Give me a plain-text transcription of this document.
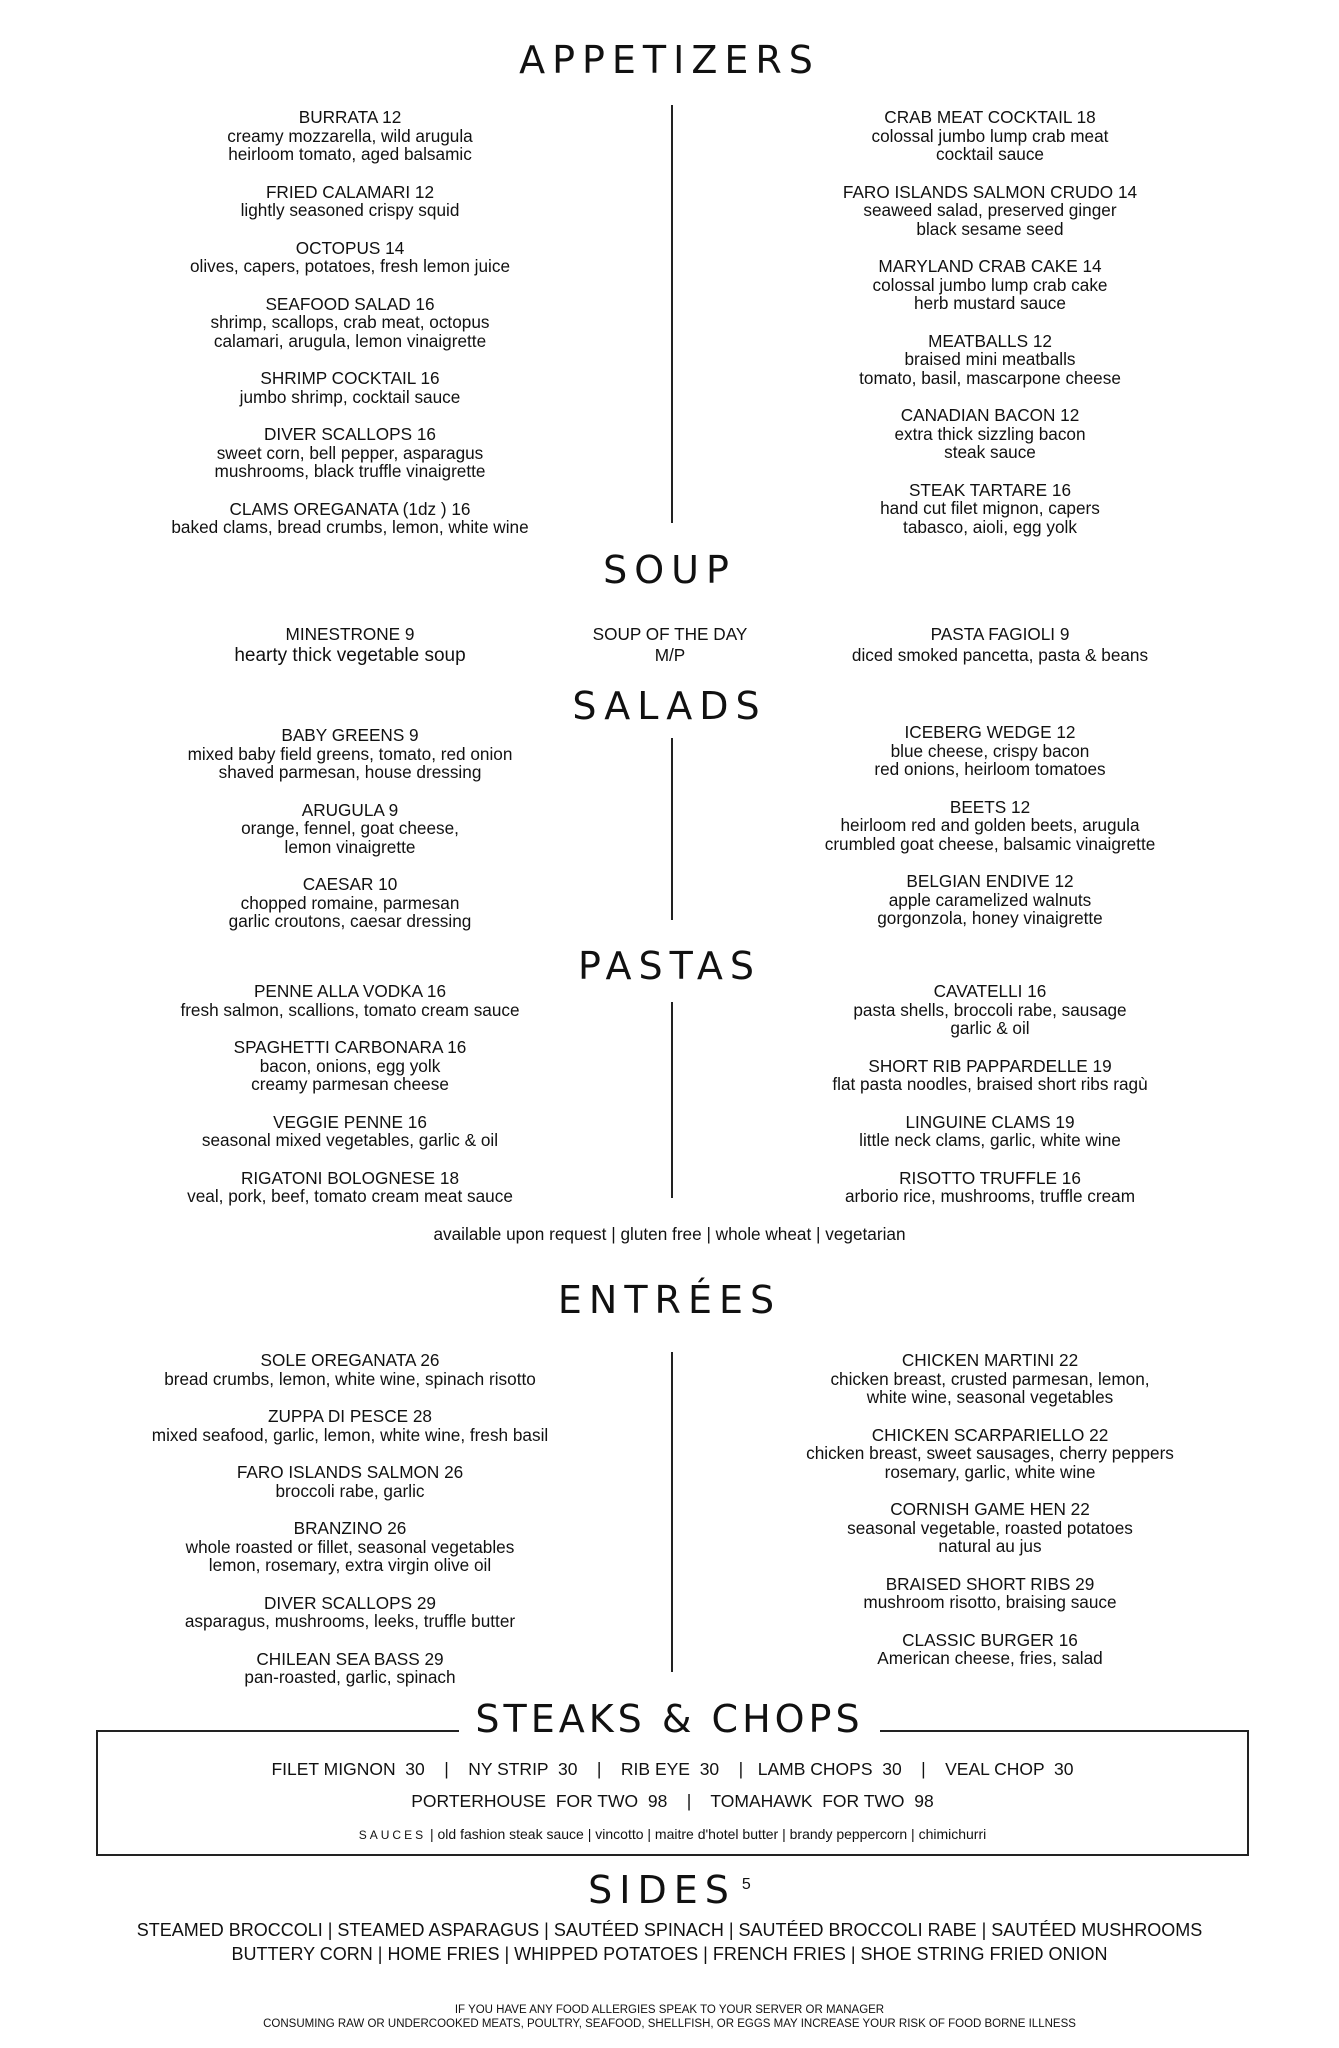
APPETIZERS
BURRATA 12
creamy mozzarella, wild arugula
heirloom tomato, aged balsamic
FRIED CALAMARI 12
lightly seasoned crispy squid
OCTOPUS 14
olives, capers, potatoes, fresh lemon juice
SEAFOOD SALAD 16
shrimp, scallops, crab meat, octopus
calamari, arugula, lemon vinaigrette
SHRIMP COCKTAIL 16
jumbo shrimp, cocktail sauce
DIVER SCALLOPS 16
sweet corn, bell pepper, asparagus
mushrooms, black truffle vinaigrette
CLAMS OREGANATA (1dz ) 16
baked clams, bread crumbs, lemon, white wine
CRAB MEAT COCKTAIL 18
colossal jumbo lump crab meat
cocktail sauce
FARO ISLANDS SALMON CRUDO 14
seaweed salad, preserved ginger
black sesame seed
MARYLAND CRAB CAKE 14
colossal jumbo lump crab cake
herb mustard sauce
MEATBALLS 12
braised mini meatballs
tomato, basil, mascarpone cheese
CANADIAN BACON 12
extra thick sizzling bacon
steak sauce
STEAK TARTARE 16
hand cut filet mignon, capers
tabasco, aioli, egg yolk
SOUP
MINESTRONE 9
hearty thick vegetable soup
SOUP OF THE DAY
M/P
PASTA FAGIOLI 9
diced smoked pancetta, pasta & beans
SALADS
BABY GREENS 9
mixed baby field greens, tomato, red onion
shaved parmesan, house dressing
ARUGULA 9
orange, fennel, goat cheese,
lemon vinaigrette
CAESAR 10
chopped romaine, parmesan
garlic croutons, caesar dressing
ICEBERG WEDGE 12
blue cheese, crispy bacon
red onions, heirloom tomatoes
BEETS 12
heirloom red and golden beets, arugula
crumbled goat cheese, balsamic vinaigrette
BELGIAN ENDIVE 12
apple caramelized walnuts
gorgonzola, honey vinaigrette
PASTAS
PENNE ALLA VODKA 16
fresh salmon, scallions, tomato cream sauce
SPAGHETTI CARBONARA 16
bacon, onions, egg yolk
creamy parmesan cheese
VEGGIE PENNE 16
seasonal mixed vegetables, garlic & oil
RIGATONI BOLOGNESE 18
veal, pork, beef, tomato cream meat sauce
CAVATELLI 16
pasta shells, broccoli rabe, sausage
garlic & oil
SHORT RIB PAPPARDELLE 19
flat pasta noodles, braised short ribs ragù
LINGUINE CLAMS 19
little neck clams, garlic, white wine
RISOTTO TRUFFLE 16
arborio rice, mushrooms, truffle cream
available upon request | gluten free | whole wheat | vegetarian
ENTRÉES
SOLE OREGANATA 26
bread crumbs, lemon, white wine, spinach risotto
ZUPPA DI PESCE 28
mixed seafood, garlic, lemon, white wine, fresh basil
FARO ISLANDS SALMON 26
broccoli rabe, garlic
BRANZINO 26
whole roasted or fillet, seasonal vegetables
lemon, rosemary, extra virgin olive oil
DIVER SCALLOPS 29
asparagus, mushrooms, leeks, truffle butter
CHILEAN SEA BASS 29
pan-roasted, garlic, spinach
CHICKEN MARTINI 22
chicken breast, crusted parmesan, lemon,
white wine, seasonal vegetables
CHICKEN SCARPARIELLO 22
chicken breast, sweet sausages, cherry peppers
rosemary, garlic, white wine
CORNISH GAME HEN 22
seasonal vegetable, roasted potatoes
natural au jus
BRAISED SHORT RIBS 29
mushroom risotto, braising sauce
CLASSIC BURGER 16
American cheese, fries, salad
STEAKS & CHOPS
FILET MIGNON  30    |    NY STRIP  30    |    RIB EYE  30    |   LAMB CHOPS  30    |    VEAL CHOP  30
PORTERHOUSE  FOR TWO  98    |    TOMAHAWK  FOR TWO  98
SAUCES | old fashion steak sauce | vincotto | maitre d'hotel butter | brandy peppercorn | chimichurri
SIDES 5
STEAMED BROCCOLI | STEAMED ASPARAGUS | SAUTÉED SPINACH | SAUTÉED BROCCOLI RABE | SAUTÉED MUSHROOMS
BUTTERY CORN | HOME FRIES | WHIPPED POTATOES | FRENCH FRIES | SHOE STRING FRIED ONION
IF YOU HAVE ANY FOOD ALLERGIES SPEAK TO YOUR SERVER OR MANAGER
CONSUMING RAW OR UNDERCOOKED MEATS, POULTRY, SEAFOOD, SHELLFISH, OR EGGS MAY INCREASE YOUR RISK OF FOOD BORNE ILLNESS
